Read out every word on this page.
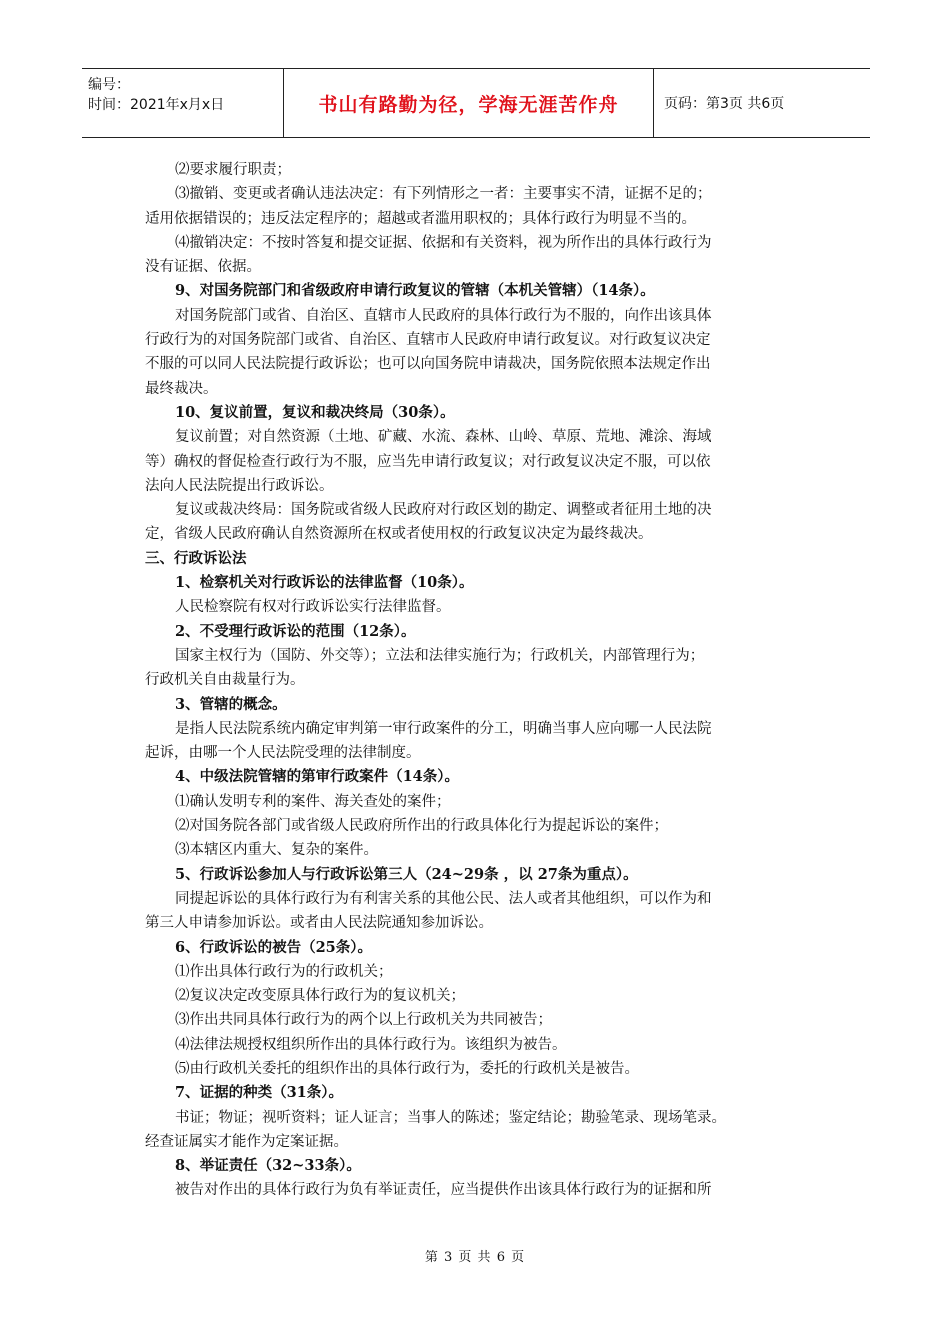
编号：
时间：2021年x月x日	书山有路勤为径，学海无涯苦作舟	页码：第3页 共6页
⑵要求履行职责；
⑶撤销、变更或者确认违法决定：有下列情形之一者：主要事实不清，证据不足的；
适用依据错误的；违反法定程序的；超越或者滥用职权的；具体行政行为明显不当的。
⑷撤销决定：不按时答复和提交证据、依据和有关资料，视为所作出的具体行政行为
没有证据、依据。
9、对国务院部门和省级政府申请行政复议的管辖（本机关管辖）（14条）。
对国务院部门或省、自治区、直辖市人民政府的具体行政行为不服的，向作出该具体
行政行为的对国务院部门或省、自治区、直辖市人民政府申请行政复议。对行政复议决定
不服的可以同人民法院提行政诉讼；也可以向国务院申请裁决，国务院依照本法规定作出
最终裁决。
10、复议前置，复议和裁决终局（30条）。
复议前置；对自然资源（土地、矿藏、水流、森林、山岭、草原、荒地、滩涂、海域
等）确权的督促检查行政行为不服，应当先申请行政复议；对行政复议决定不服，可以依
法向人民法院提出行政诉讼。
复议或裁决终局：国务院或省级人民政府对行政区划的勘定、调整或者征用土地的决
定，省级人民政府确认自然资源所在权或者使用权的行政复议决定为最终裁决。
三、行政诉讼法
1、检察机关对行政诉讼的法律监督（10条）。
人民检察院有权对行政诉讼实行法律监督。
2、不受理行政诉讼的范围（12条）。
国家主权行为（国防、外交等）；立法和法律实施行为；行政机关，内部管理行为；
行政机关自由裁量行为。
3、管辖的概念。
是指人民法院系统内确定审判第一审行政案件的分工，明确当事人应向哪一人民法院
起诉，由哪一个人民法院受理的法律制度。
4、中级法院管辖的第审行政案件（14条）。
⑴确认发明专利的案件、海关查处的案件；
⑵对国务院各部门或省级人民政府所作出的行政具体化行为提起诉讼的案件；
⑶本辖区内重大、复杂的案件。
5、行政诉讼参加人与行政诉讼第三人（24~29条 ，以 27条为重点）。
同提起诉讼的具体行政行为有利害关系的其他公民、法人或者其他组织，可以作为和
第三人申请参加诉讼。或者由人民法院通知参加诉讼。
6、行政诉讼的被告（25条）。
⑴作出具体行政行为的行政机关；
⑵复议决定改变原具体行政行为的复议机关；
⑶作出共同具体行政行为的两个以上行政机关为共同被告；
⑷法律法规授权组织所作出的具体行政行为。该组织为被告。
⑸由行政机关委托的组织作出的具体行政行为，委托的行政机关是被告。
7、证据的种类（31条）。
书证；物证；视听资料；证人证言；当事人的陈述；鉴定结论；勘验笔录、现场笔录。
经查证属实才能作为定案证据。
8、举证责任（32~33条）。
被告对作出的具体行政行为负有举证责任，应当提供作出该具体行政行为的证据和所
第 3 页 共 6 页
